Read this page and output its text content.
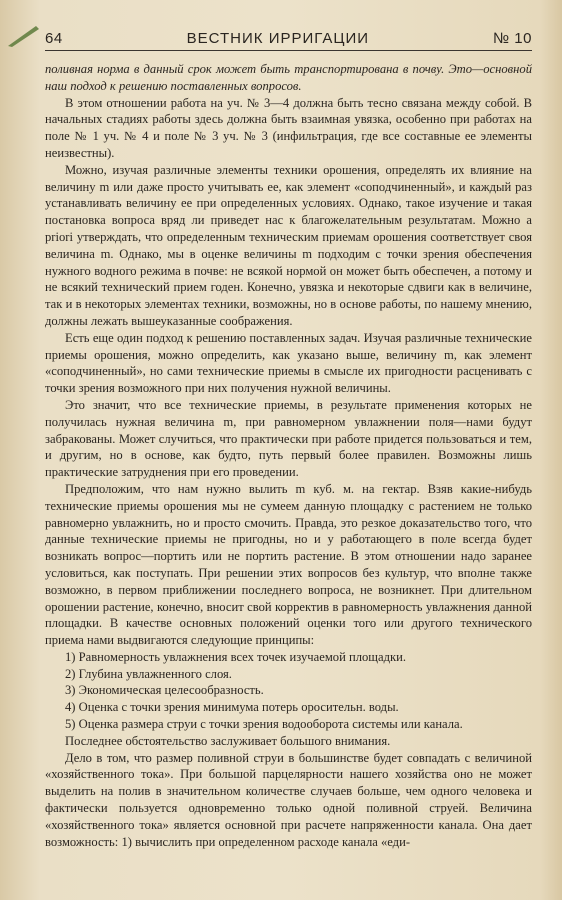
64	ВЕСТНИК ИРРИГАЦИИ	№ 10

поливная норма в данный срок может быть транспортирована в почву. Это—основной наш подход к решению поставленных вопросов.

В этом отношении работа на уч. № 3—4 должна быть тесно связана между собой. В начальных стадиях работы здесь должна быть взаимная увязка, особенно при работах на поле № 1 уч. № 4 и поле № 3 уч. № 3 (инфильтрация, где все составные ее элементы неизвестны).

Можно, изучая различные элементы техники орошения, определять их влияние на величину m или даже просто учитывать ее, как элемент «соподчиненный», и каждый раз устанавливать величину ее при определенных условиях. Однако, такое изучение и такая постановка вопроса вряд ли приведет нас к благожелательным результатам. Можно a priori утверждать, что определенным техническим приемам орошения соответствует своя величина m. Однако, мы в оценке величины m подходим с точки зрения обеспечения нужного водного режима в почве: не всякой нормой он может быть обеспечен, а потому и не всякий технический прием годен. Конечно, увязка и некоторые сдвиги как в величине, так и в некоторых элементах техники, возможны, но в основе работы, по нашему мнению, должны лежать вышеуказанные соображения.

Есть еще один подход к решению поставленных задач. Изучая различные технические приемы орошения, можно определить, как указано выше, величину m, как элемент «соподчиненный», но сами технические приемы в смысле их пригодности расценивать с точки зрения возможного при них получения нужной величины.

Это значит, что все технические приемы, в результате применения которых не получилась нужная величина m, при равномерном увлажнении поля—нами будут забракованы. Может случиться, что практически при работе придется пользоваться и тем, и другим, но в основе, как будто, путь первый более правилен. Возможны лишь практические затруднения при его проведении.

Предположим, что нам нужно вылить m куб. м. на гектар. Взяв какие-нибудь технические приемы орошения мы не сумеем данную площадку с растением не только равномерно увлажнить, но и просто смочить. Правда, это резкое доказательство того, что данные технические приемы не пригодны, но и у работающего в поле всегда будет возникать вопрос—портить или не портить растение. В этом отношении надо заранее условиться, как поступать. При решении этих вопросов без культур, что вполне также возможно, в первом приближении последнего вопроса, не возникнет. При длительном орошении растение, конечно, вносит свой корректив в равномерность увлажнения данной площадки. В качестве основных положений оценки того или другого технического приема нами выдвигаются следующие принципы:

1) Равномерность увлажнения всех точек изучаемой площадки.
2) Глубина увлажненного слоя.
3) Экономическая целесообразность.
4) Оценка с точки зрения минимума потерь оросительн. воды.
5) Оценка размера струи с точки зрения водооборота системы или канала.

Последнее обстоятельство заслуживает большого внимания.

Дело в том, что размер поливной струи в большинстве будет совпадать с величиной «хозяйственного тока». При большой парцелярности нашего хозяйства оно не может выделить на полив в значительном количестве случаев больше, чем одного человека и фактически пользуется одновременно только одной поливной струей. Величина «хозяйственного тока» является основной при расчете напряженности канала. Она дает возможность: 1) вычислить при определенном расходе канала «еди-
